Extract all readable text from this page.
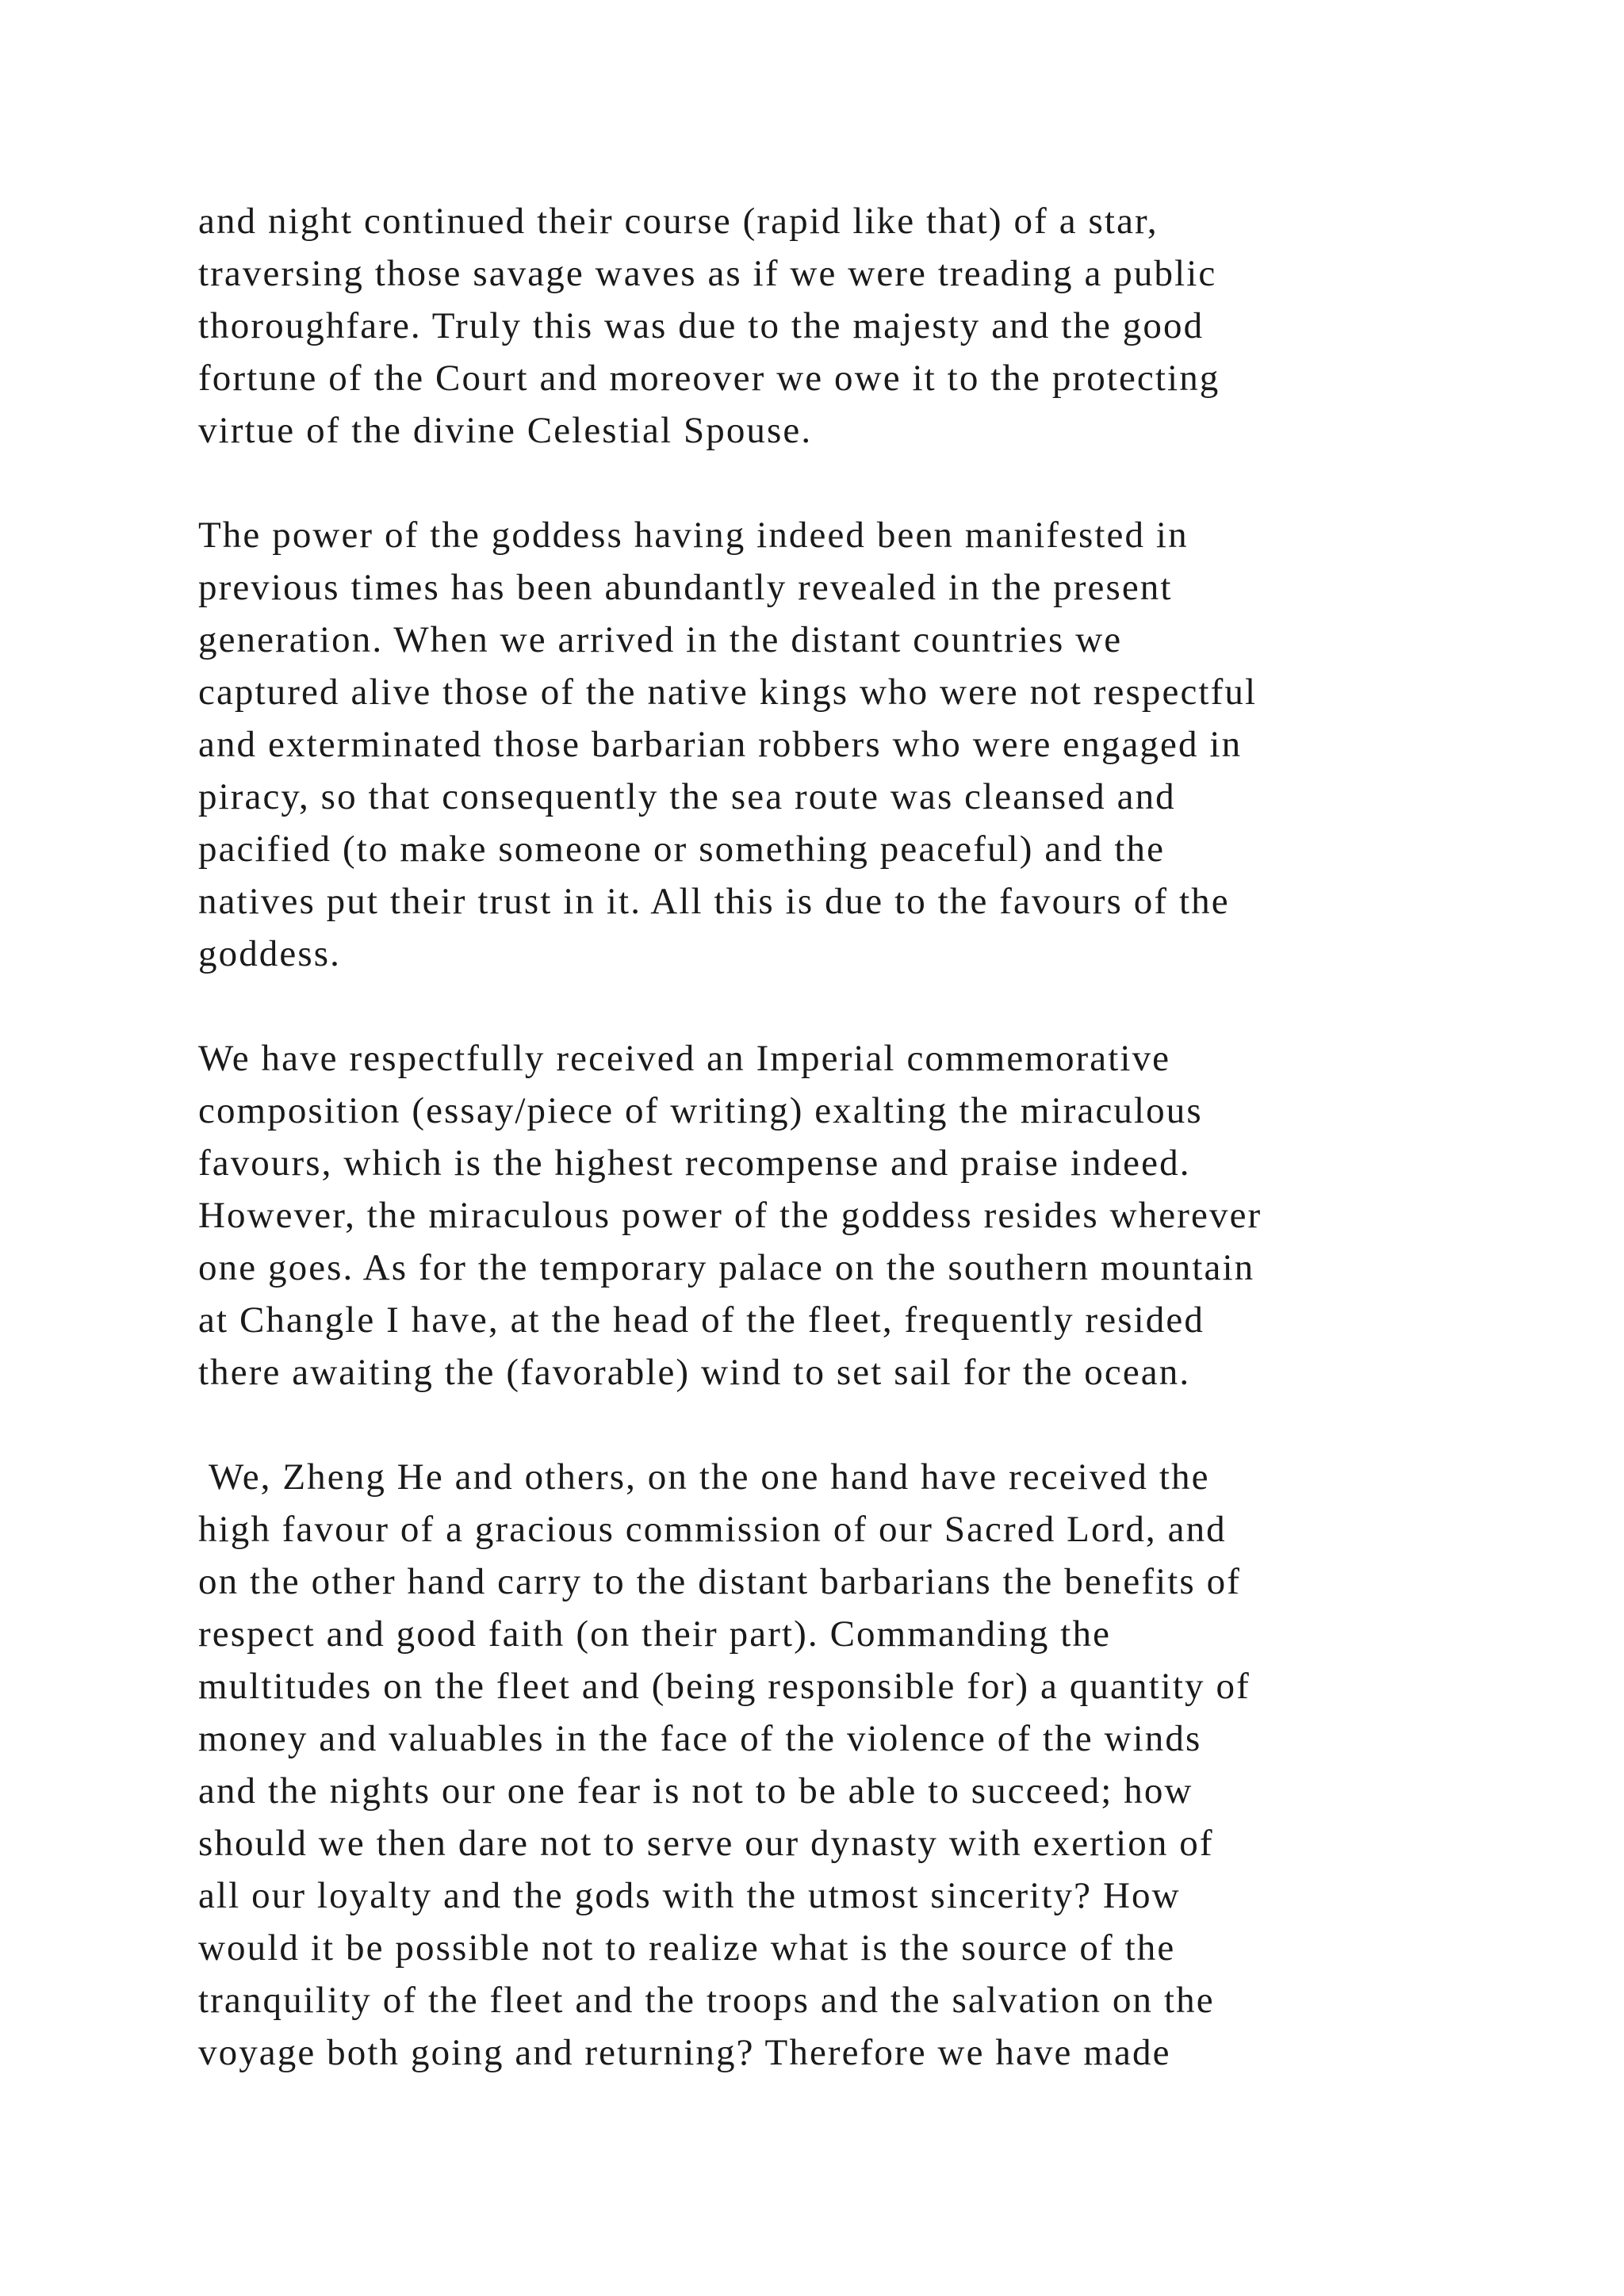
and night continued their course (rapid like that) of a star,
traversing those savage waves as if we were treading a public
thoroughfare. Truly this was due to the majesty and the good
fortune of the Court and moreover we owe it to the protecting
virtue of the divine Celestial Spouse.

The power of the goddess having indeed been manifested in
previous times has been abundantly revealed in the present
generation. When we arrived in the distant countries we
captured alive those of the native kings who were not respectful
and exterminated those barbarian robbers who were engaged in
piracy, so that consequently the sea route was cleansed and
pacified (to make someone or something peaceful) and the
natives put their trust in it. All this is due to the favours of the
goddess.

We have respectfully received an Imperial commemorative
composition (essay/piece of writing) exalting the miraculous
favours, which is the highest recompense and praise indeed.
However, the miraculous power of the goddess resides wherever
one goes. As for the temporary palace on the southern mountain
at Changle I have, at the head of the fleet, frequently resided
there awaiting the (favorable) wind to set sail for the ocean.

We, Zheng He and others, on the one hand have received the
high favour of a gracious commission of our Sacred Lord, and
on the other hand carry to the distant barbarians the benefits of
respect and good faith (on their part). Commanding the
multitudes on the fleet and (being responsible for) a quantity of
money and valuables in the face of the violence of the winds
and the nights our one fear is not to be able to succeed; how
should we then dare not to serve our dynasty with exertion of
all our loyalty and the gods with the utmost sincerity? How
would it be possible not to realize what is the source of the
tranquility of the fleet and the troops and the salvation on the
voyage both going and returning? Therefore we have made
